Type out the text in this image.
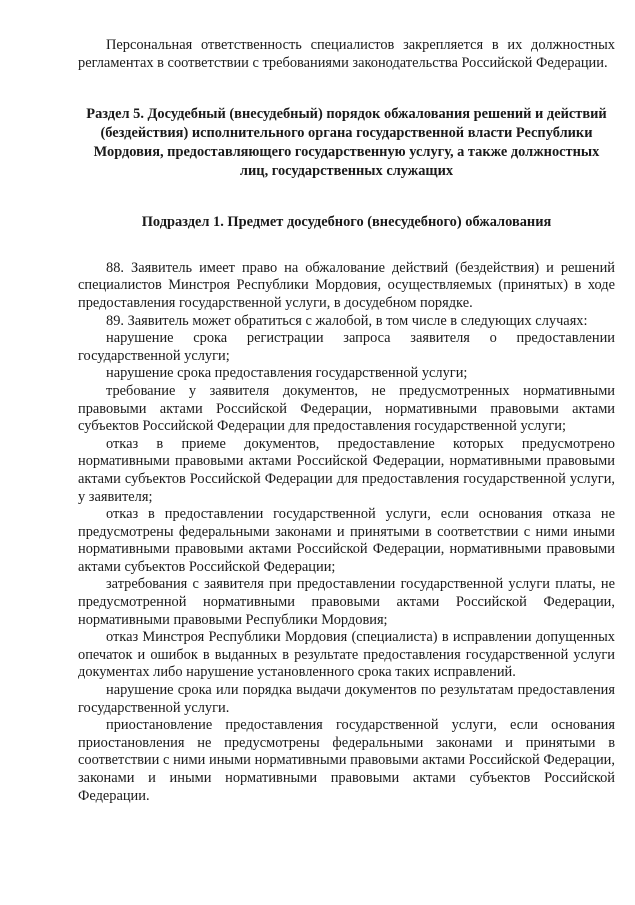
Персональная ответственность специалистов закрепляется в их должностных регламентах в соответствии с требованиями законодательства Российской Федерации.

Раздел 5. Досудебный (внесудебный) порядок обжалования решений и действий (бездействия) исполнительного органа государственной власти Республики Мордовия, предоставляющего государственную услугу, а также должностных лиц, государственных служащих

Подраздел 1. Предмет досудебного (внесудебного) обжалования

88. Заявитель имеет право на обжалование действий (бездействия) и решений специалистов Минстроя Республики Мордовия, осуществляемых (принятых) в ходе предоставления государственной услуги, в досудебном порядке.

89. Заявитель может обратиться с жалобой, в том числе в следующих случаях:

нарушение срока регистрации запроса заявителя о предоставлении государственной услуги;

нарушение срока предоставления государственной услуги;

требование у заявителя документов, не предусмотренных нормативными правовыми актами Российской Федерации, нормативными правовыми актами субъектов Российской Федерации для предоставления государственной услуги;

отказ в приеме документов, предоставление которых предусмотрено нормативными правовыми актами Российской Федерации, нормативными правовыми актами субъектов Российской Федерации для предоставления государственной услуги, у заявителя;

отказ в предоставлении государственной услуги, если основания отказа не предусмотрены федеральными законами и принятыми в соответствии с ними иными нормативными правовыми актами Российской Федерации, нормативными правовыми актами субъектов Российской Федерации;

затребования с заявителя при предоставлении государственной услуги платы, не предусмотренной нормативными правовыми актами Российской Федерации, нормативными правовыми Республики Мордовия;

отказ Минстроя Республики Мордовия (специалиста) в исправлении допущенных опечаток и ошибок в выданных в результате предоставления государственной услуги документах либо нарушение установленного срока таких исправлений.

нарушение срока или порядка выдачи документов по результатам предоставления государственной услуги.

приостановление предоставления государственной услуги, если основания приостановления не предусмотрены федеральными законами и принятыми в соответствии с ними иными нормативными правовыми актами Российской Федерации, законами и иными нормативными правовыми актами субъектов Российской Федерации.
